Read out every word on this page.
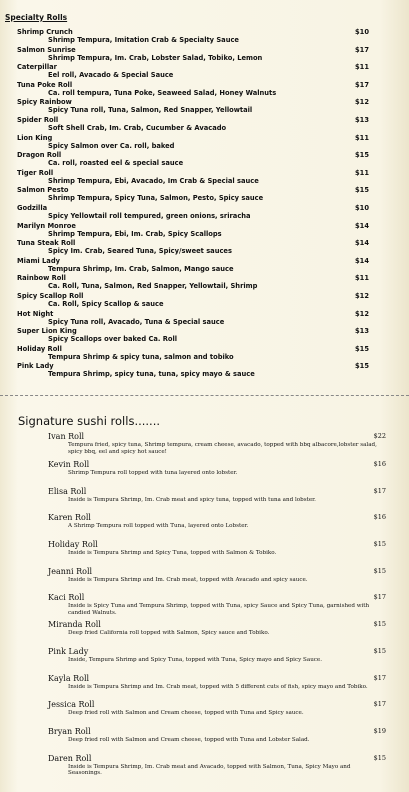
Specialty Rolls
Shrimp Crunch	$10
Shrimp Tempura, Imitation Crab & Specialty Sauce
Salmon Sunrise	$17
Shrimp Tempura, Im. Crab, Lobster Salad, Tobiko, Lemon
Caterpillar	$11
Eel roll, Avacado & Special Sauce
Tuna Poke Roll	$17
Ca. roll tempura, Tuna Poke, Seaweed Salad, Honey Walnuts
Spicy Rainbow	$12
Spicy Tuna roll, Tuna, Salmon, Red Snapper, Yellowtail
Spider Roll	$13
Soft Shell Crab, Im. Crab, Cucumber & Avacado
Lion King	$11
Spicy Salmon over Ca. roll, baked
Dragon Roll	$15
Ca. roll, roasted eel & special sauce
Tiger Roll	$11
Shrimp Tempura, Ebi, Avacado, Im Crab & Special sauce
Salmon Pesto	$15
Shrimp Tempura, Spicy Tuna, Salmon, Pesto, Spicy sauce
Godzilla	$10
Spicy Yellowtail roll tempured, green onions, sriracha
Marilyn Monroe	$14
Shrimp Tempura, Ebi, Im. Crab, Spicy Scallops
Tuna Steak Roll	$14
Spicy Im. Crab, Seared Tuna, Spicy/sweet sauces
Miami Lady	$14
Tempura Shrimp, Im. Crab, Salmon, Mango sauce
Rainbow Roll	$11
Ca. Roll, Tuna, Salmon, Red Snapper, Yellowtail, Shrimp
Spicy Scallop Roll	$12
Ca. Roll, Spicy Scallop & sauce
Hot Night	$12
Spicy Tuna roll, Avacado, Tuna & Special sauce
Super Lion King	$13
Spicy Scallops over baked Ca. Roll
Holiday Roll	$15
Tempura Shrimp & spicy tuna, salmon and tobiko
Pink Lady	$15
Tempura Shrimp, spicy tuna, tuna, spicy mayo & sauce
Signature sushi rolls.......
Ivan Roll	$22
Tempura fried, spicy tuna, Shrimp tempura, cream cheese, avacado, topped with bbq albacore,lobster salad, spicy bbq, eel and spicy hot sauce!
Kevin Roll	$16
Shrimp Tempura roll topped with tuna layered onto lobster.
Elisa Roll	$17
Inside is Tempura Shrimp, Im. Crab meat and spicy tuna, topped with tuna and lobster.
Karen Roll	$16
A Shrimp Tempura roll topped with Tuna, layered onto Lobster.
Holiday Roll	$15
Inside is Tempura Shrimp and Spicy Tuna, topped with Salmon & Tobiko.
Jeanni Roll	$15
Inside is Tempura Shrimp and Im. Crab meat, topped with Avacado and spicy sauce.
Kaci Roll	$17
Inside is Spicy Tuna and Tempura Shrimp, topped with Tuna, spicy Sauce and Spicy Tuna, garnished with candied Walnuts.
Miranda Roll	$15
Deep fried California roll topped with Salmon, Spicy sauce and Tobiko.
Pink Lady	$15
Inside, Tempura Shrimp and Spicy Tuna, topped with Tuna, Spicy mayo and Spicy Sauce.
Kayla Roll	$17
Inside is Tempura Shrimp and Im. Crab meat, topped with 5 different cuts of fish, spicy mayo and Tobiko.
Jessica Roll	$17
Deep fried roll with Salmon and Cream cheese, topped with Tuna and Spicy sauce.
Bryan Roll	$19
Deep fried roll with Salmon and Cream cheese, topped with Tuna and Lobster Salad.
Daren Roll	$15
Inside is Tempura Shrimp, Im. Crab meat and Avacado, topped with Salmon, Tuna, Spicy Mayo and Seasonings.
